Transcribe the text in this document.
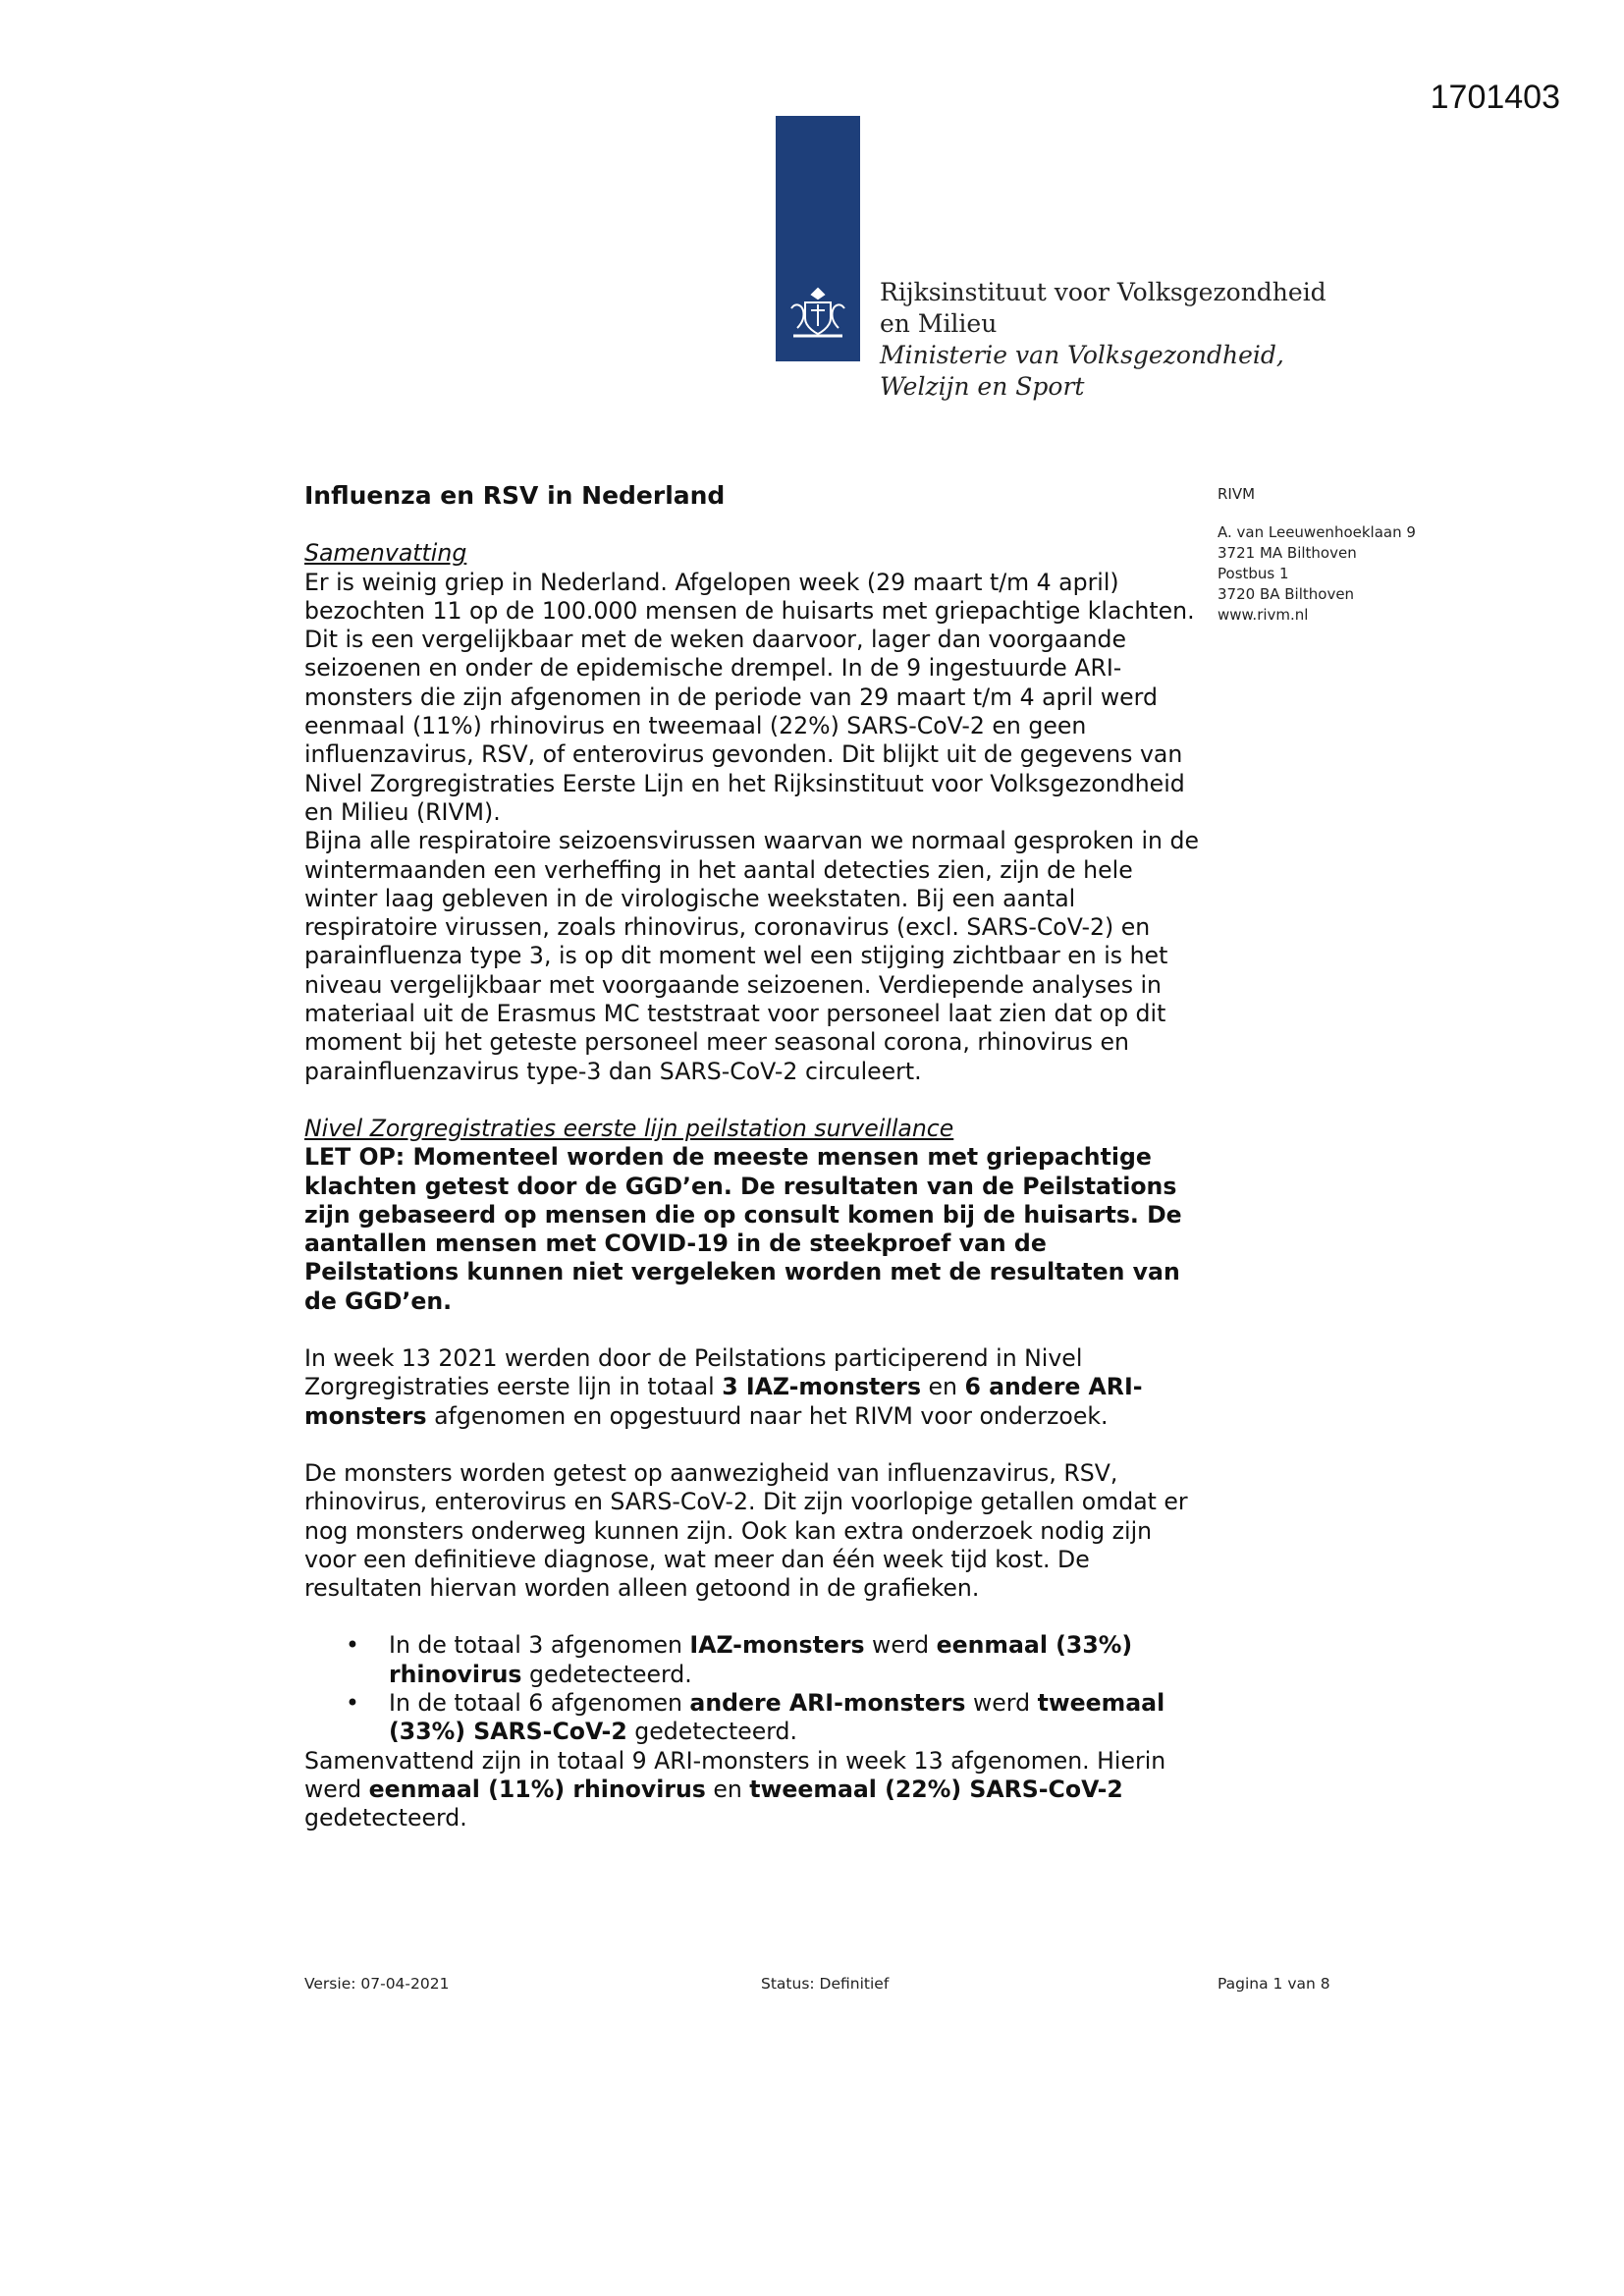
1701403
Rijksinstituut voor Volksgezondheid
en Milieu
Ministerie van Volksgezondheid,
Welzijn en Sport
RIVM
A. van Leeuwenhoeklaan 9
3721 MA Bilthoven
Postbus 1
3720 BA Bilthoven
www.rivm.nl

Influenza en RSV in Nederland

Samenvatting

Er is weinig griep in Nederland. Afgelopen week (29 maart t/m 4 april) bezochten 11 op de 100.000 mensen de huisarts met griepachtige klachten. Dit is een vergelijkbaar met de weken daarvoor, lager dan voorgaande seizoenen en onder de epidemische drempel. In de 9 ingestuurde ARI-monsters die zijn afgenomen in de periode van 29 maart t/m 4 april werd eenmaal (11%) rhinovirus en tweemaal (22%) SARS-CoV-2 en geen influenzavirus, RSV, of enterovirus gevonden. Dit blijkt uit de gegevens van Nivel Zorgregistraties Eerste Lijn en het Rijksinstituut voor Volksgezondheid en Milieu (RIVM).

Bijna alle respiratoire seizoensvirussen waarvan we normaal gesproken in de wintermaanden een verheffing in het aantal detecties zien, zijn de hele winter laag gebleven in de virologische weekstaten. Bij een aantal respiratoire virussen, zoals rhinovirus, coronavirus (excl. SARS-CoV-2) en parainfluenza type 3, is op dit moment wel een stijging zichtbaar en is het niveau vergelijkbaar met voorgaande seizoenen. Verdiepende analyses in materiaal uit de Erasmus MC teststraat voor personeel laat zien dat op dit moment bij het geteste personeel meer seasonal corona, rhinovirus en parainfluenzavirus type-3 dan SARS-CoV-2 circuleert.

Nivel Zorgregistraties eerste lijn peilstation surveillance

LET OP: Momenteel worden de meeste mensen met griepachtige klachten getest door de GGD’en. De resultaten van de Peilstations zijn gebaseerd op mensen die op consult komen bij de huisarts. De aantallen mensen met COVID-19 in de steekproef van de Peilstations kunnen niet vergeleken worden met de resultaten van de GGD’en.

In week 13 2021 werden door de Peilstations participerend in Nivel Zorgregistraties eerste lijn in totaal 3 IAZ-monsters en 6 andere ARI-monsters afgenomen en opgestuurd naar het RIVM voor onderzoek.

De monsters worden getest op aanwezigheid van influenzavirus, RSV, rhinovirus, enterovirus en SARS-CoV-2. Dit zijn voorlopige getallen omdat er nog monsters onderweg kunnen zijn. Ook kan extra onderzoek nodig zijn voor een definitieve diagnose, wat meer dan één week tijd kost. De resultaten hiervan worden alleen getoond in de grafieken.

• In de totaal 3 afgenomen IAZ-monsters werd eenmaal (33%) rhinovirus gedetecteerd.
• In de totaal 6 afgenomen andere ARI-monsters werd tweemaal (33%) SARS-CoV-2 gedetecteerd.

Samenvattend zijn in totaal 9 ARI-monsters in week 13 afgenomen. Hierin werd eenmaal (11%) rhinovirus en tweemaal (22%) SARS-CoV-2 gedetecteerd.

Versie: 07-04-2021	Status: Definitief	Pagina 1 van 8
